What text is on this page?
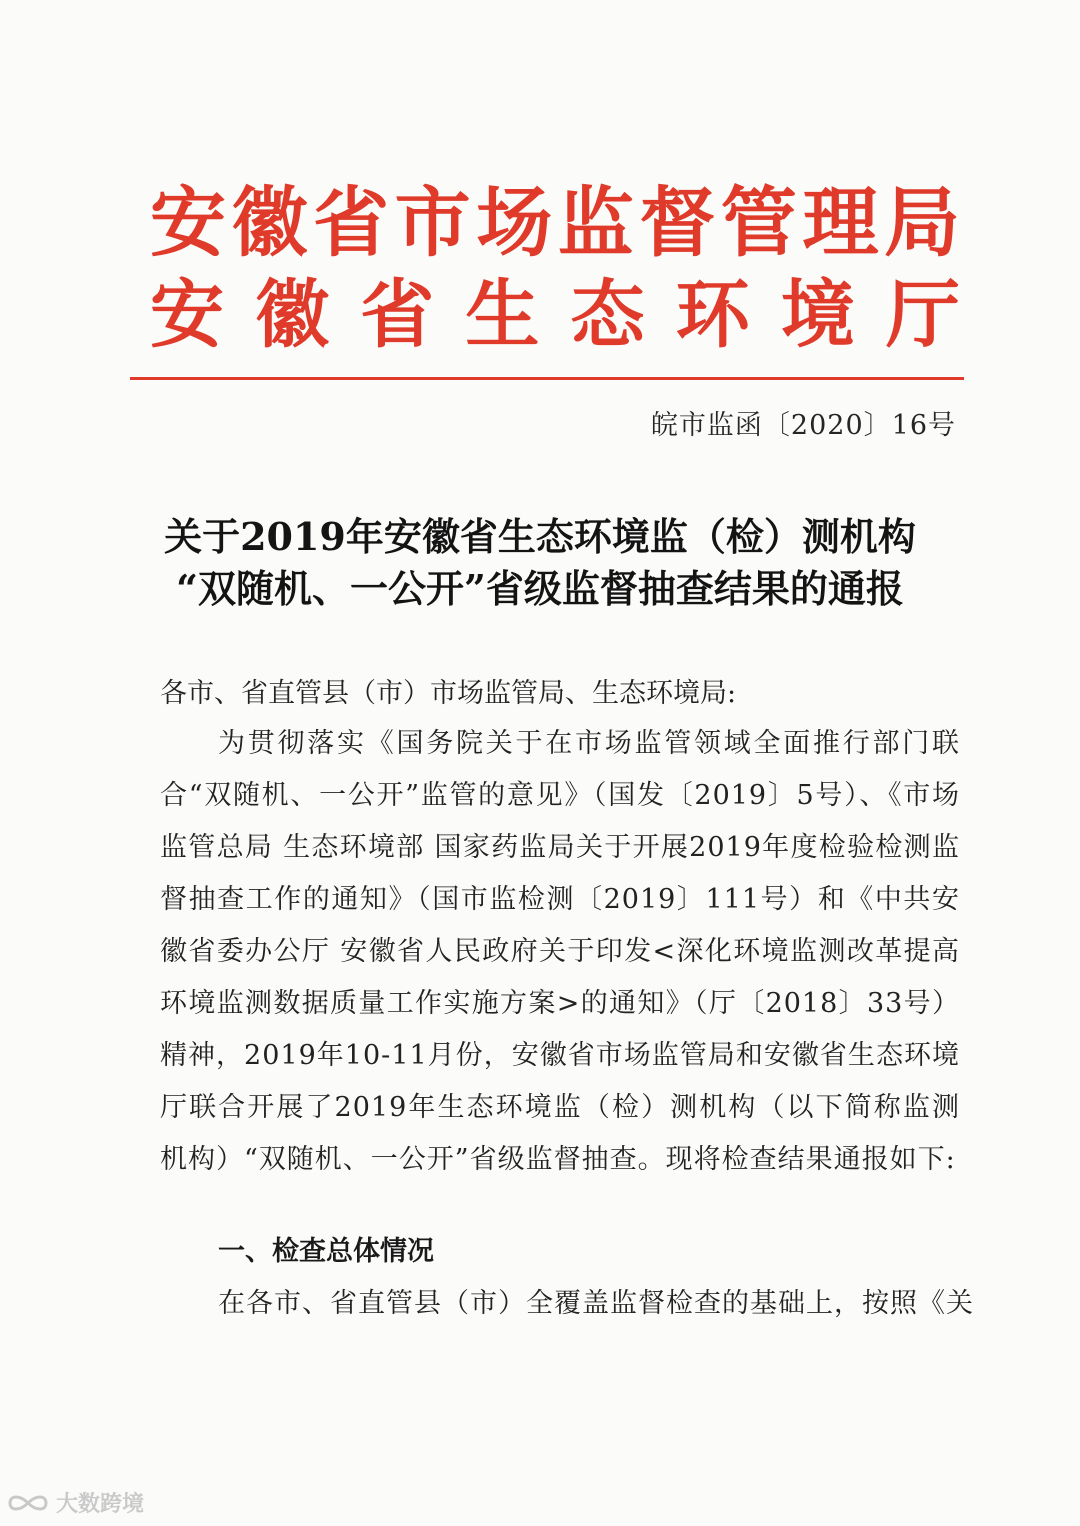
安徽省市场监督管理局
安徽省生态环境厅
皖市监函〔2020〕16号
关于2019年安徽省生态环境监（检）测机构
“双随机、一公开”省级监督抽查结果的通报
各市、省直管县（市）市场监管局、生态环境局:
为贯彻落实《国务院关于在市场监管领域全面推行部门联合“双随机、一公开”监管的意见》（国发〔2019〕5号）、《市场监管总局 生态环境部 国家药监局关于开展2019年度检验检测监督抽查工作的通知》（国市监检测〔2019〕111号）和《中共安徽省委办公厅 安徽省人民政府关于印发<深化环境监测改革提高环境监测数据质量工作实施方案>的通知》（厅〔2018〕33号）精神，2019年10-11月份，安徽省市场监管局和安徽省生态环境厅联合开展了2019年生态环境监（检）测机构（以下简称监测机构）“双随机、一公开”省级监督抽查。现将检查结果通报如下:
一、检查总体情况
在各市、省直管县（市）全覆盖监督检查的基础上，按照《关
大数跨境
